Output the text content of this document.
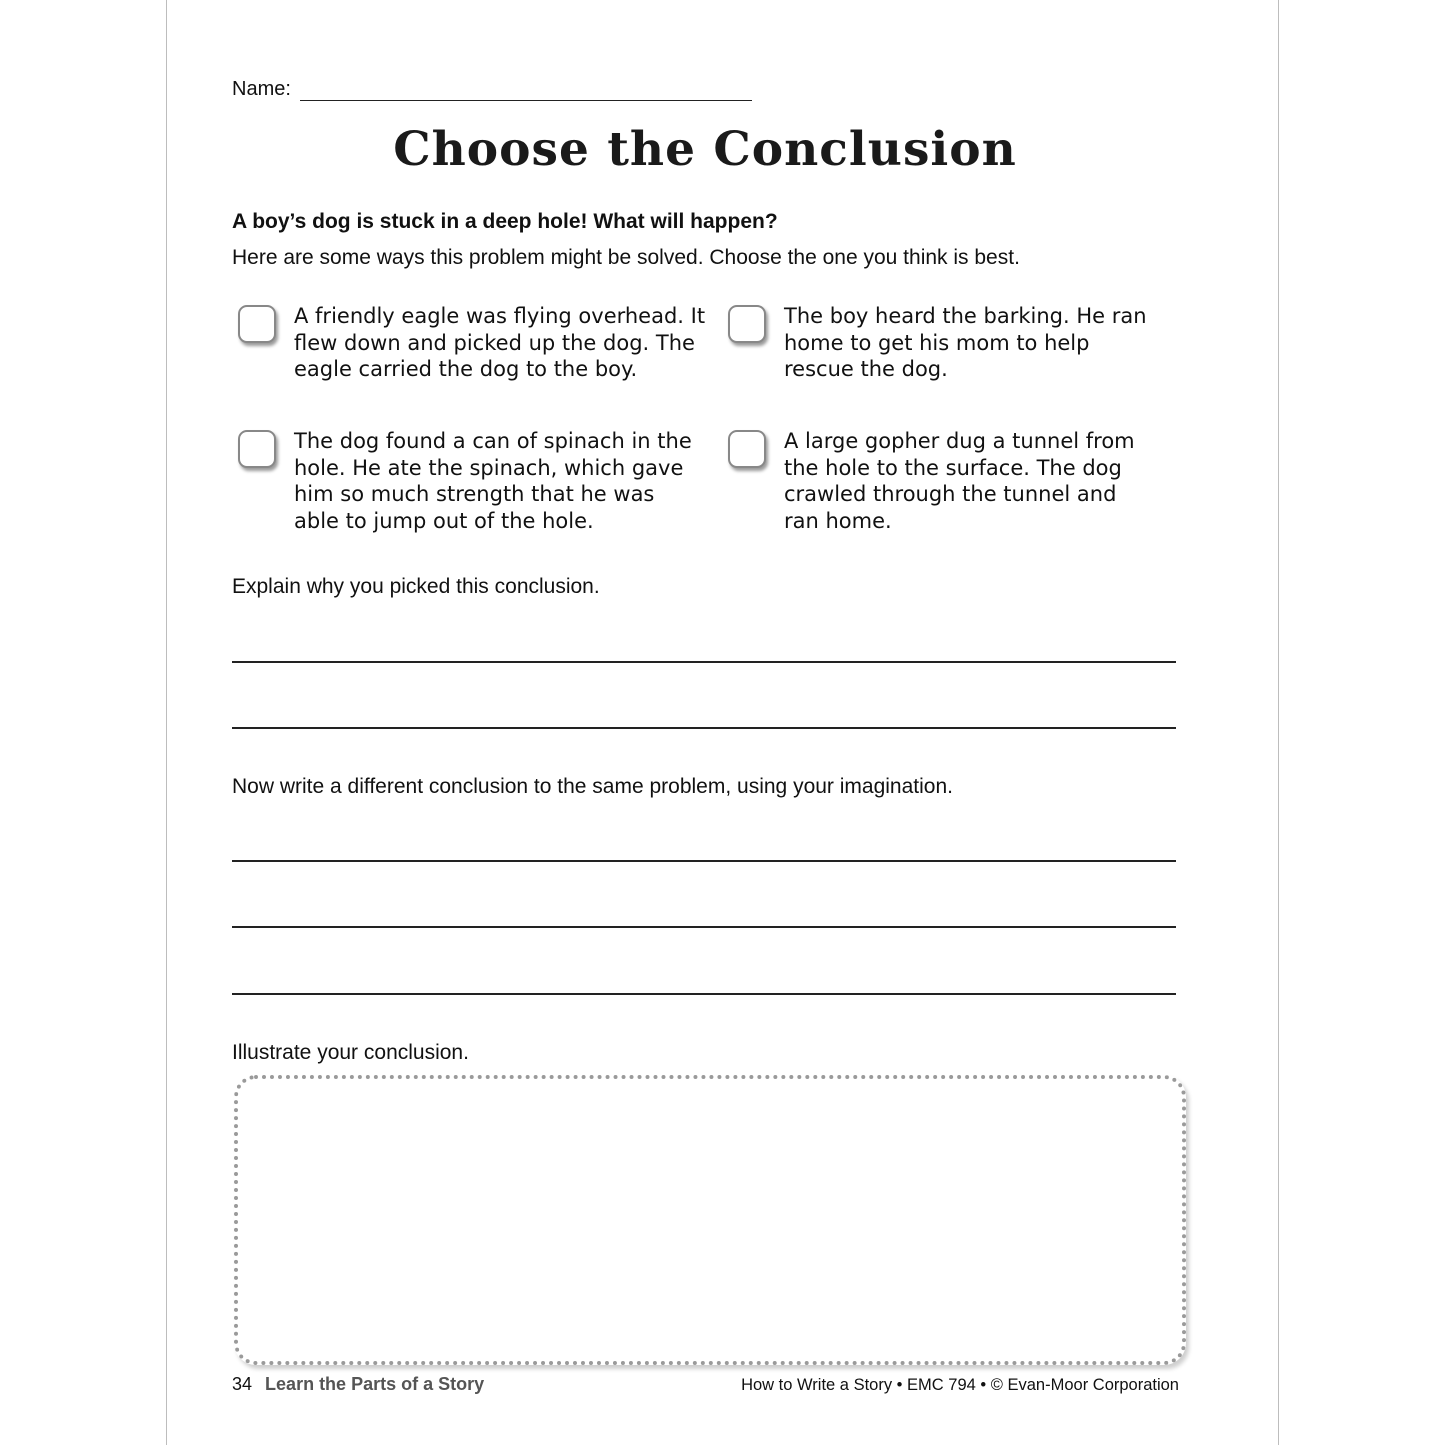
Name:
Choose the Conclusion
A boy’s dog is stuck in a deep hole! What will happen?
Here are some ways this problem might be solved. Choose the one you think is best.
A friendly eagle was flying overhead. It flew down and picked up the dog. The eagle carried the dog to the boy.
The boy heard the barking. He ran home to get his mom to help rescue the dog.
The dog found a can of spinach in the hole. He ate the spinach, which gave him so much strength that he was able to jump out of the hole.
A large gopher dug a tunnel from the hole to the surface. The dog crawled through the tunnel and ran home.
Explain why you picked this conclusion.
Now write a different conclusion to the same problem, using your imagination.
Illustrate your conclusion.
34 Learn the Parts of a Story	How to Write a Story • EMC 794 • © Evan-Moor Corporation
